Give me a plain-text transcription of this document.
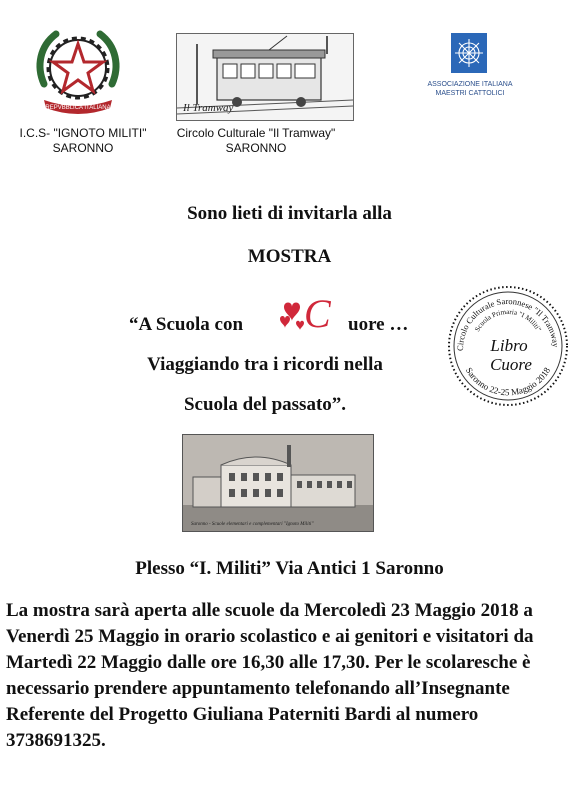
REPVBBLICA ITALIANA	Il Tramway
ASSOCIAZIONE ITALIANA MAESTRI CATTOLICI
I.C.S- "IGNOTO MILITI"
SARONNO
Circolo Culturale "Il Tramway"
SARONNO
Sono lieti di invitarla alla
MOSTRA
“A Scuola con C uore …
Viaggiando tra i ricordi nella
Scuola del passato”.
Circolo Culturale Saronnese "Il Tramway
Scuola Primaria "I Militi"
Libro
Cuore
Saronno 22-25 Maggio 2018
Saronno - Scuole elementari e complementari "Ignoto Militi"
Plesso “I. Militi” Via Antici 1 Saronno
La mostra sarà aperta alle scuole da Mercoledì 23 Maggio 2018 a Venerdì 25 Maggio in orario scolastico e ai genitori e visitatori da Martedì 22 Maggio dalle ore 16,30 alle 17,30. Per le scolaresche è necessario prendere appuntamento telefonando all’Insegnante Referente del Progetto Giuliana Paterniti Bardi al numero 3738691325.
